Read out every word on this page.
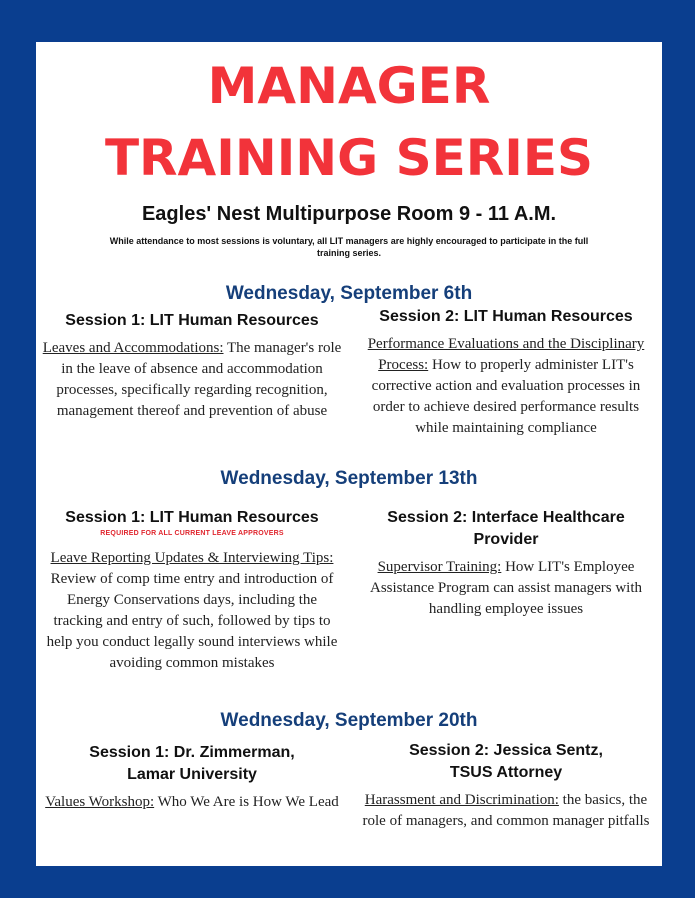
MANAGER
TRAINING SERIES
Eagles' Nest Multipurpose Room 9 - 11 A.M.
While attendance to most sessions is voluntary, all LIT managers are highly encouraged to participate in the full training series.
Wednesday, September 6th
Session 1: LIT Human Resources
Leaves and Accommodations: The manager's role in the leave of absence and accommodation processes, specifically regarding recognition, management thereof and prevention of abuse
Session 2: LIT Human Resources
Performance Evaluations and the Disciplinary Process: How to properly administer LIT's corrective action and evaluation processes in order to achieve desired performance results while maintaining compliance
Wednesday, September 13th
Session 1: LIT Human Resources
REQUIRED FOR ALL CURRENT LEAVE APPROVERS
Leave Reporting Updates & Interviewing Tips: Review of comp time entry and introduction of Energy Conservations days, including the tracking and entry of such, followed by tips to help you conduct legally sound interviews while avoiding common mistakes
Session 2: Interface Healthcare Provider
Supervisor Training: How LIT's Employee Assistance Program can assist managers with handling employee issues
Wednesday, September 20th
Session 1: Dr. Zimmerman,
Lamar University
Values Workshop: Who We Are is How We Lead
Session 2: Jessica Sentz,
TSUS Attorney
Harassment and Discrimination: the basics, the role of managers, and common manager pitfalls
